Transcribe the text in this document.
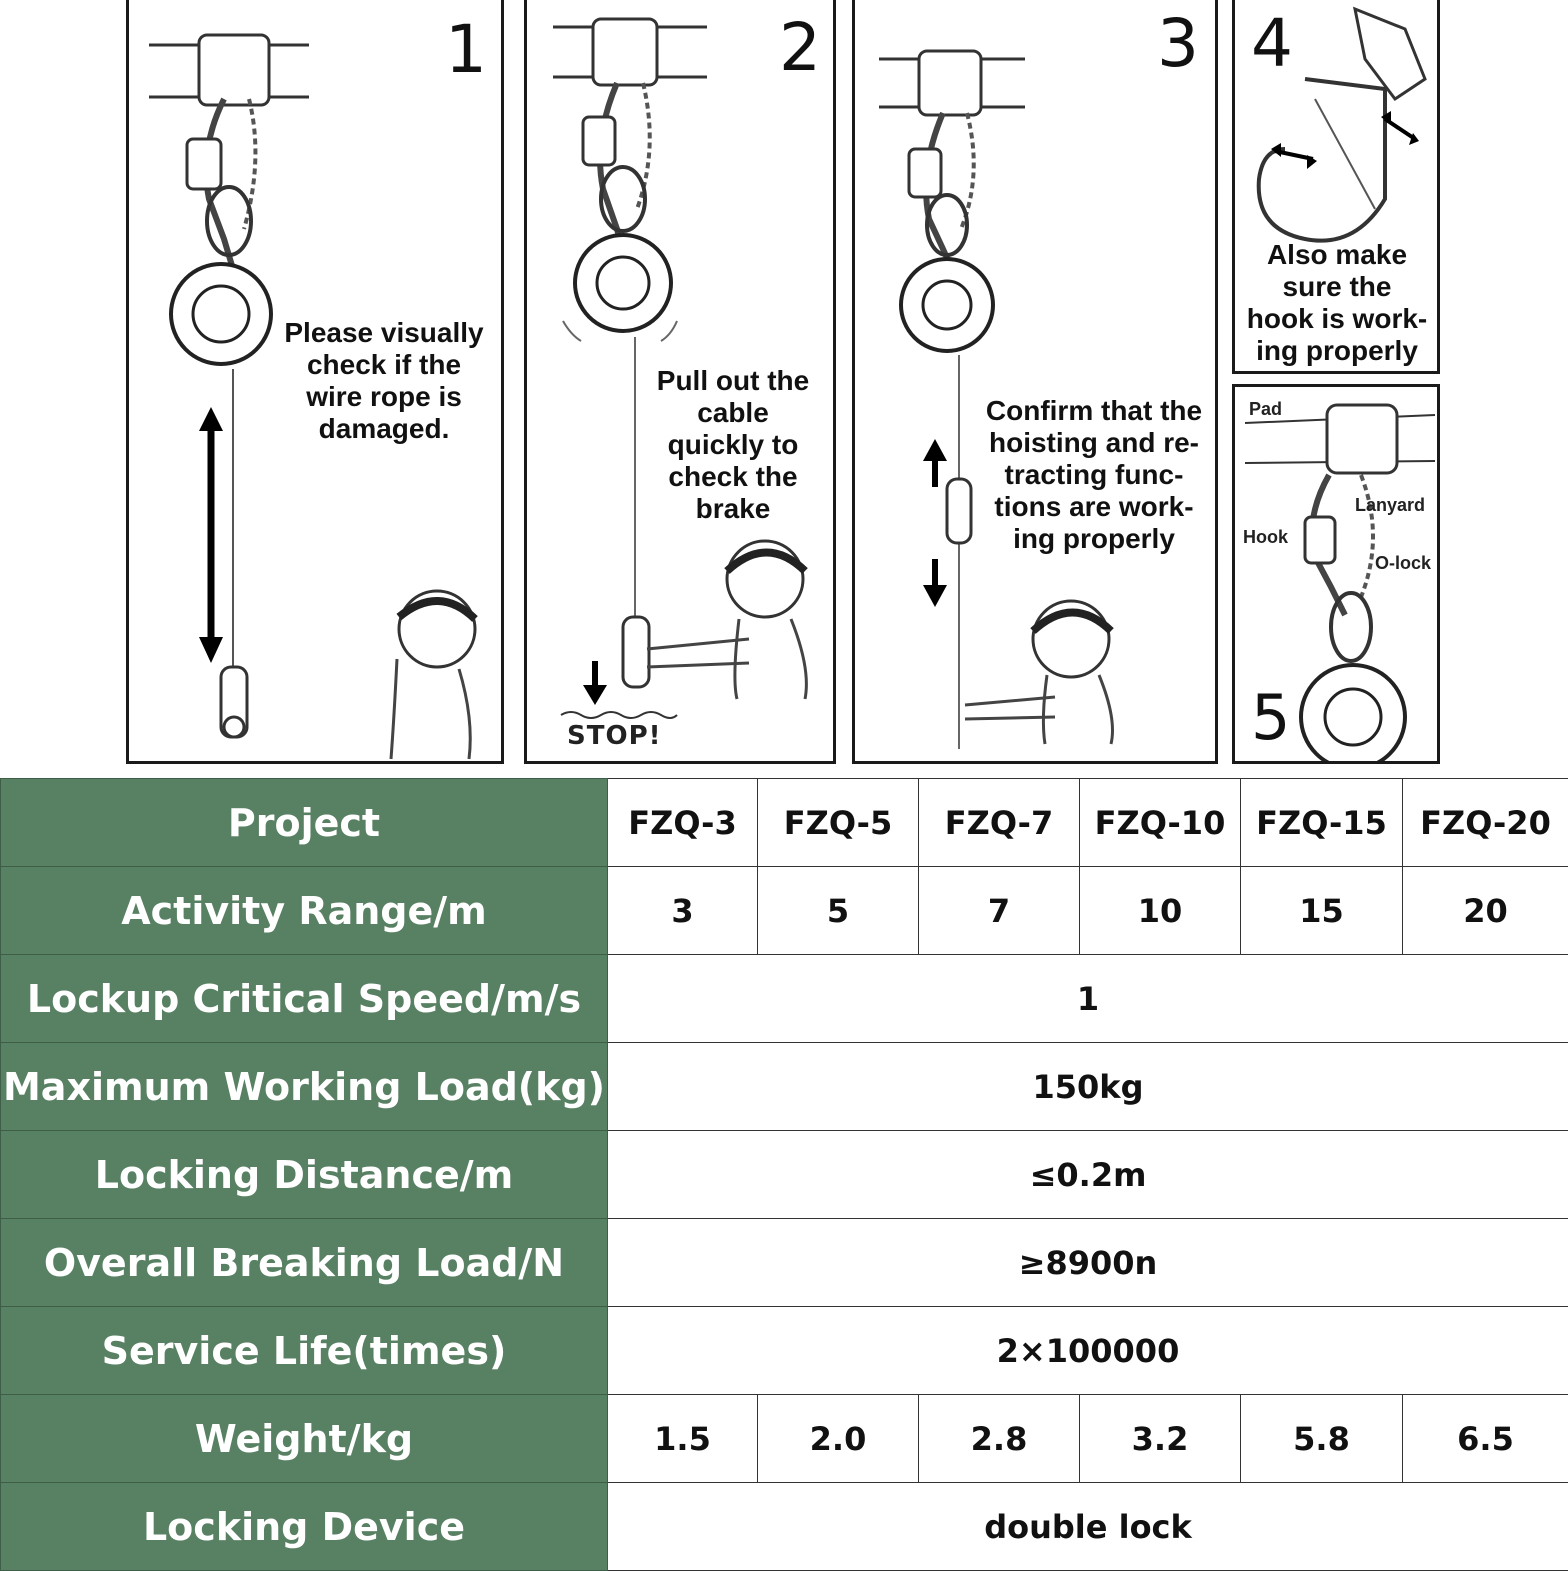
1
Please visually
check if the
wire rope is
damaged.
2
Pull out the
cable
quickly to
check the
brake
STOP!
3
Confirm that the
hoisting and re-
tracting func-
tions are work-
ing properly
4
Also make
sure the
hook is work-
ing properly
Pad
Lanyard
Hook
O-lock
5
Project	FZQ-3	FZQ-5	FZQ-7	FZQ-10	FZQ-15	FZQ-20
Activity Range/m	3	5	7	10	15	20
Lockup Critical Speed/m/s	1					
Maximum Working Load(kg)	150kg					
Locking Distance/m	≤0.2m					
Overall Breaking Load/N	≥8900n					
Service Life(times)	2×100000					
Weight/kg	1.5	2.0	2.8	3.2	5.8	6.5
Locking Device	double lock					
